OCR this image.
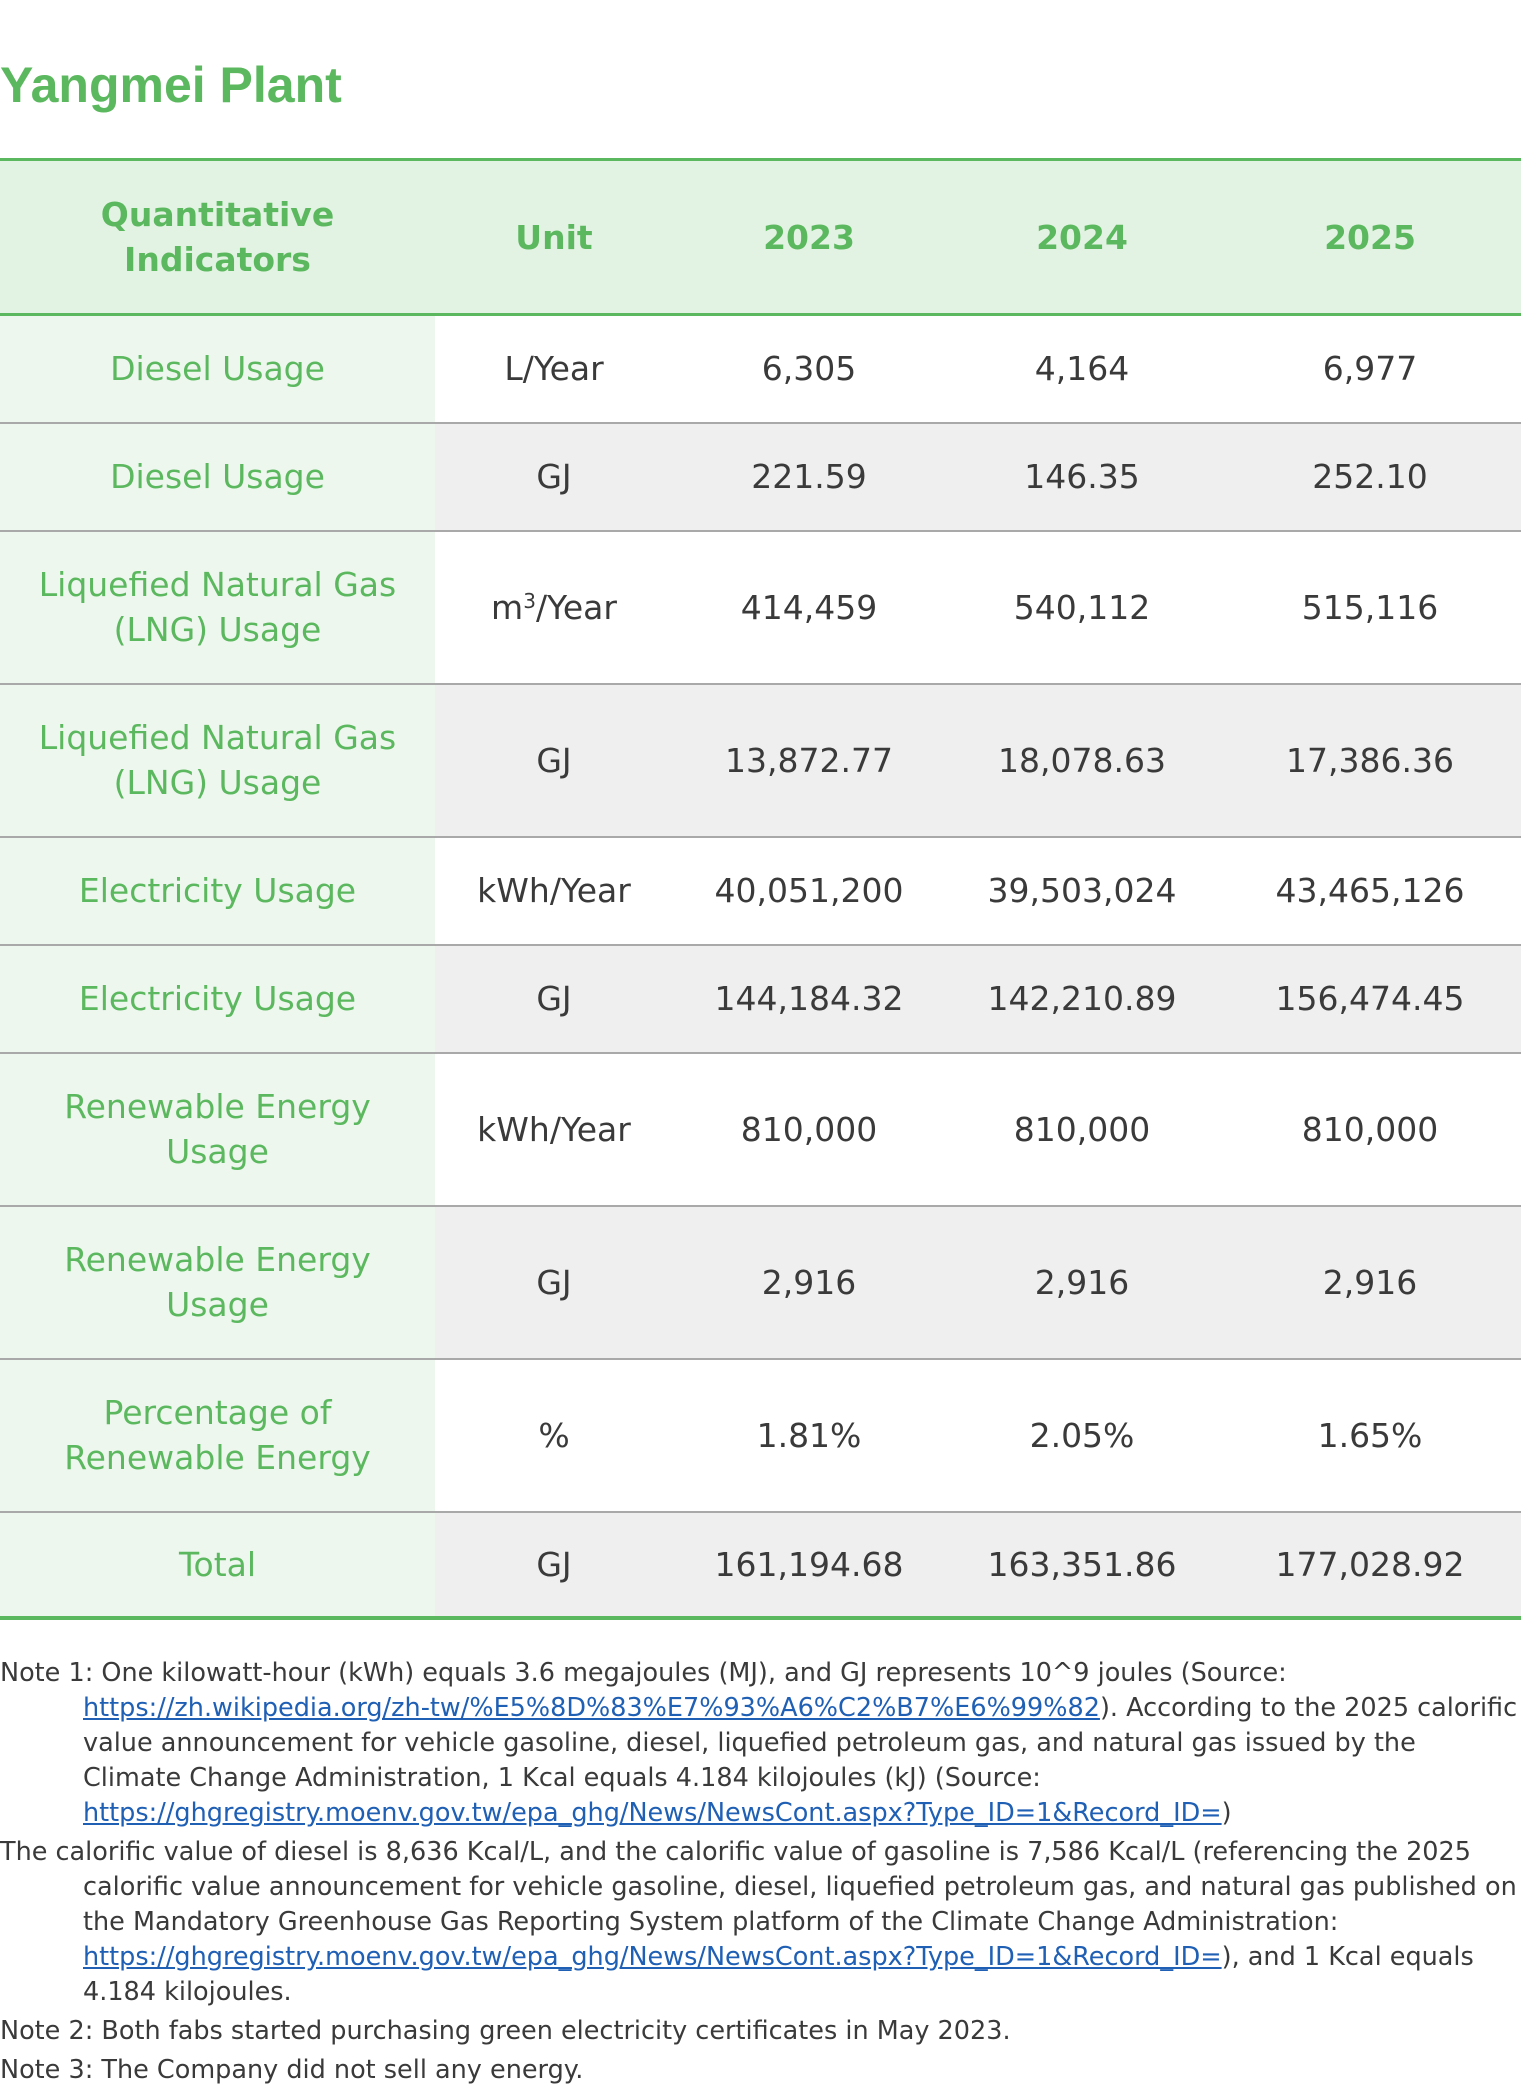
Yangmei Plant
Quantitative Indicators	Unit	2023	2024	2025
Diesel Usage	L/Year	6,305	4,164	6,977
Diesel Usage	GJ	221.59	146.35	252.10
Liquefied Natural Gas (LNG) Usage	$m^3$/Year	414,459	540,112	515,116
Liquefied Natural Gas (LNG) Usage	GJ	13,872.77	18,078.63	17,386.36
Electricity Usage	kWh/Year	40,051,200	39,503,024	43,465,126
Electricity Usage	GJ	144,184.32	142,210.89	156,474.45
Renewable Energy Usage	kWh/Year	810,000	810,000	810,000
Renewable Energy Usage	GJ	2,916	2,916	2,916
Percentage of Renewable Energy	%	1.81%	2.05%	1.65%
Total	GJ	161,194.68	163,351.86	177,028.92

Note 1: One kilowatt-hour (kWh) equals 3.6 megajoules (MJ), and GJ represents 10^9 joules (Source: https://zh.wikipedia.org/zh-tw/%E5%8D%83%E7%93%A6%C2%B7%E6%99%82). According to the 2025 calorific value announcement for vehicle gasoline, diesel, liquefied petroleum gas, and natural gas issued by the Climate Change Administration, 1 Kcal equals 4.184 kilojoules (kJ) (Source: https://ghgregistry.moenv.gov.tw/epa_ghg/News/NewsCont.aspx?Type_ID=1&Record_ID=)

The calorific value of diesel is 8,636 Kcal/L, and the calorific value of gasoline is 7,586 Kcal/L (referencing the 2025 calorific value announcement for vehicle gasoline, diesel, liquefied petroleum gas, and natural gas published on the Mandatory Greenhouse Gas Reporting System platform of the Climate Change Administration: https://ghgregistry.moenv.gov.tw/epa_ghg/News/NewsCont.aspx?Type_ID=1&Record_ID=), and 1 Kcal equals 4.184 kilojoules.

Note 2: Both fabs started purchasing green electricity certificates in May 2023.

Note 3: The Company did not sell any energy.
